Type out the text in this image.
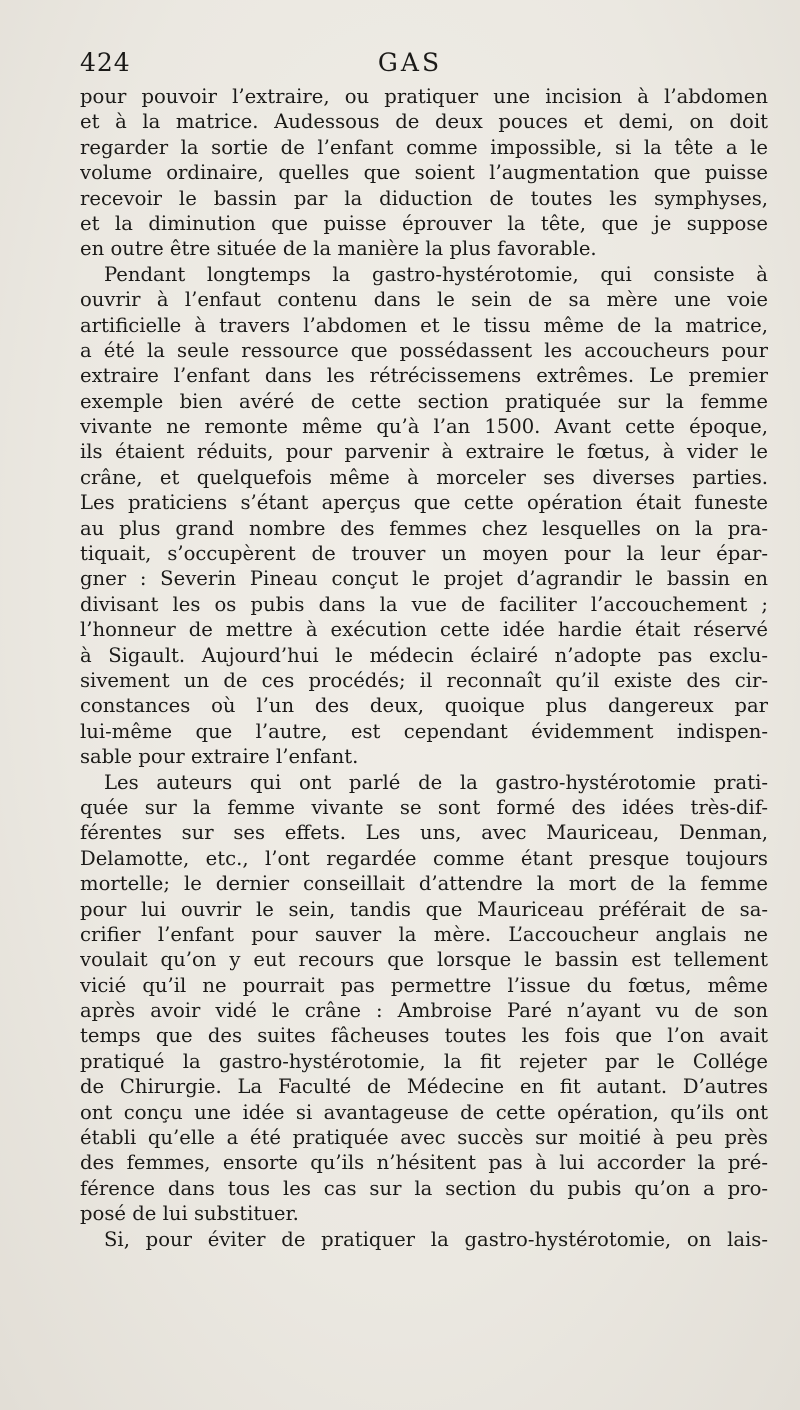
424	GAS
pour pouvoir l’extraire, ou pratiquer une incision à l’abdomen
et à la matrice. Audessous de deux pouces et demi, on doit
regarder la sortie de l’enfant comme impossible, si la tête a le
volume ordinaire, quelles que soient l’augmentation que puisse
recevoir le bassin par la diduction de toutes les symphyses,
et la diminution que puisse éprouver la tête, que je suppose
en outre être située de la manière la plus favorable.
Pendant longtemps la gastro-hystérotomie, qui consiste à
ouvrir à l’enfaut contenu dans le sein de sa mère une voie
artificielle à travers l’abdomen et le tissu même de la matrice,
a été la seule ressource que possédassent les accoucheurs pour
extraire l’enfant dans les rétrécissemens extrêmes. Le premier
exemple bien avéré de cette section pratiquée sur la femme
vivante ne remonte même qu’à l’an 1500. Avant cette époque,
ils étaient réduits, pour parvenir à extraire le fœtus, à vider le
crâne, et quelquefois même à morceler ses diverses parties.
Les praticiens s’étant aperçus que cette opération était funeste
au plus grand nombre des femmes chez lesquelles on la pra-
tiquait, s’occupèrent de trouver un moyen pour la leur épar-
gner : Severin Pineau conçut le projet d’agrandir le bassin en
divisant les os pubis dans la vue de faciliter l’accouchement ;
l’honneur de mettre à exécution cette idée hardie était réservé
à Sigault. Aujourd’hui le médecin éclairé n’adopte pas exclu-
sivement un de ces procédés; il reconnaît qu’il existe des cir-
constances où l’un des deux, quoique plus dangereux par
lui-même que l’autre, est cependant évidemment indispen-
sable pour extraire l’enfant.
Les auteurs qui ont parlé de la gastro-hystérotomie prati-
quée sur la femme vivante se sont formé des idées très-dif-
férentes sur ses effets. Les uns, avec Mauriceau, Denman,
Delamotte, etc., l’ont regardée comme étant presque toujours
mortelle; le dernier conseillait d’attendre la mort de la femme
pour lui ouvrir le sein, tandis que Mauriceau préférait de sa-
crifier l’enfant pour sauver la mère. L’accoucheur anglais ne
voulait qu’on y eut recours que lorsque le bassin est tellement
vicié qu’il ne pourrait pas permettre l’issue du fœtus, même
après avoir vidé le crâne : Ambroise Paré n’ayant vu de son
temps que des suites fâcheuses toutes les fois que l’on avait
pratiqué la gastro-hystérotomie, la fit rejeter par le Collége
de Chirurgie. La Faculté de Médecine en fit autant. D’autres
ont conçu une idée si avantageuse de cette opération, qu’ils ont
établi qu’elle a été pratiquée avec succès sur moitié à peu près
des femmes, ensorte qu’ils n’hésitent pas à lui accorder la pré-
férence dans tous les cas sur la section du pubis qu’on a pro-
posé de lui substituer.
Si, pour éviter de pratiquer la gastro-hystérotomie, on lais-
